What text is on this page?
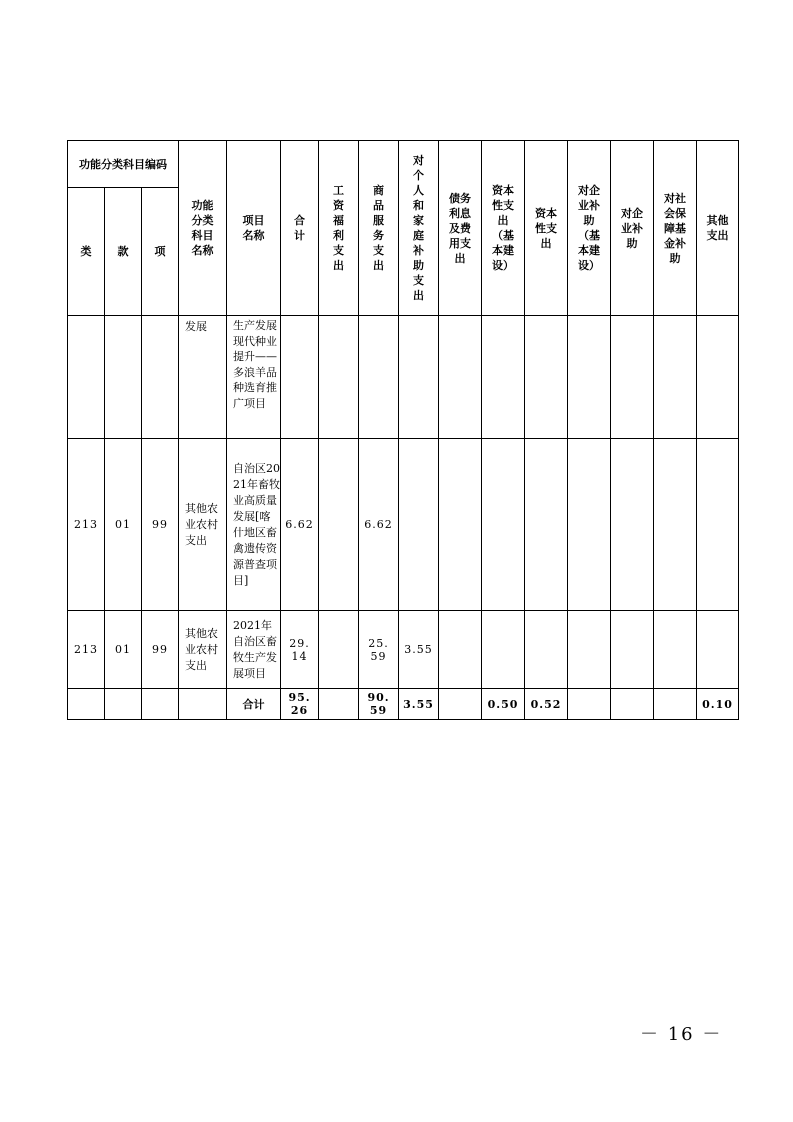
功能分类科目编码			功能分类科目名称	项目名称	合计	工资福利支出	商品服务支出	对个人和家庭补助支出	债务利息及费用支出	资本性支出（基本建设）	资本性支出	对企业补助（基本建设）	对企业补助	对社会保障基金补助	其他支出

类	款	项													

			发展	生产发展现代种业提升——多浪羊品种选育推广项目											

213	01	99	其他农业农村支出	自治区2021年畜牧业高质量发展[喀什地区畜禽遗传资源普查项目]	6.62		6.62								
213	01	99	其他农业农村支出	2021年自治区畜牧生产发展项目	29.14		25.59	3.55							
				合计	95.26		90.59	3.55		0.50	0.52				0.10
－ 16 －
